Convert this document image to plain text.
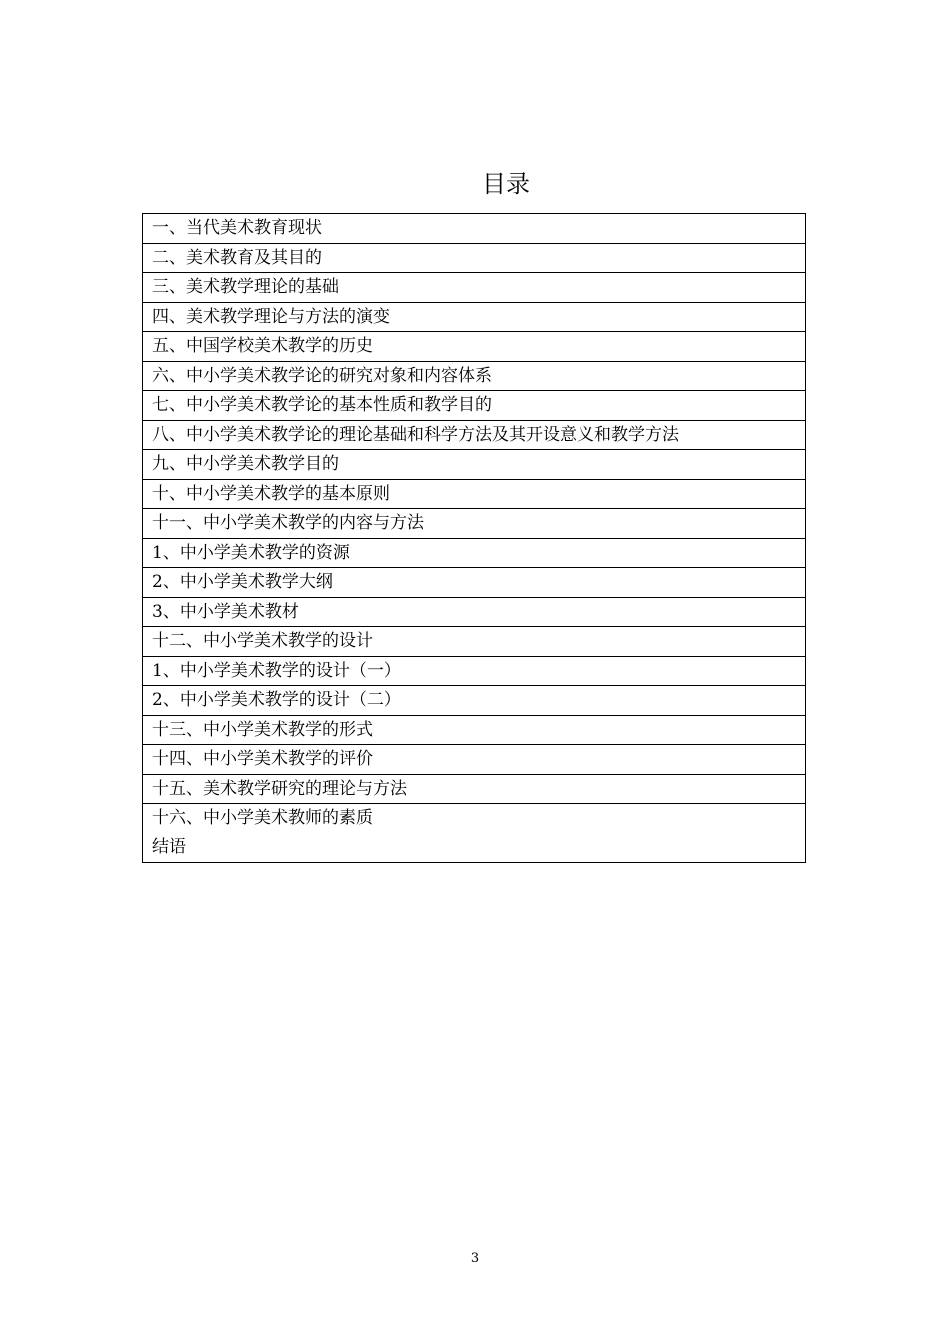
目录
一、当代美术教育现状
二、美术教育及其目的
三、美术教学理论的基础
四、美术教学理论与方法的演变
五、中国学校美术教学的历史
六、中小学美术教学论的研究对象和内容体系
七、中小学美术教学论的基本性质和教学目的
八、中小学美术教学论的理论基础和科学方法及其开设意义和教学方法
九、中小学美术教学目的
十、中小学美术教学的基本原则
十一、中小学美术教学的内容与方法
1、中小学美术教学的资源
2、中小学美术教学大纲
3、中小学美术教材
十二、中小学美术教学的设计
1、中小学美术教学的设计（一）
2、中小学美术教学的设计（二）
十三、中小学美术教学的形式
十四、中小学美术教学的评价
十五、美术教学研究的理论与方法

十六、中小学美术教师的素质
结语
3
